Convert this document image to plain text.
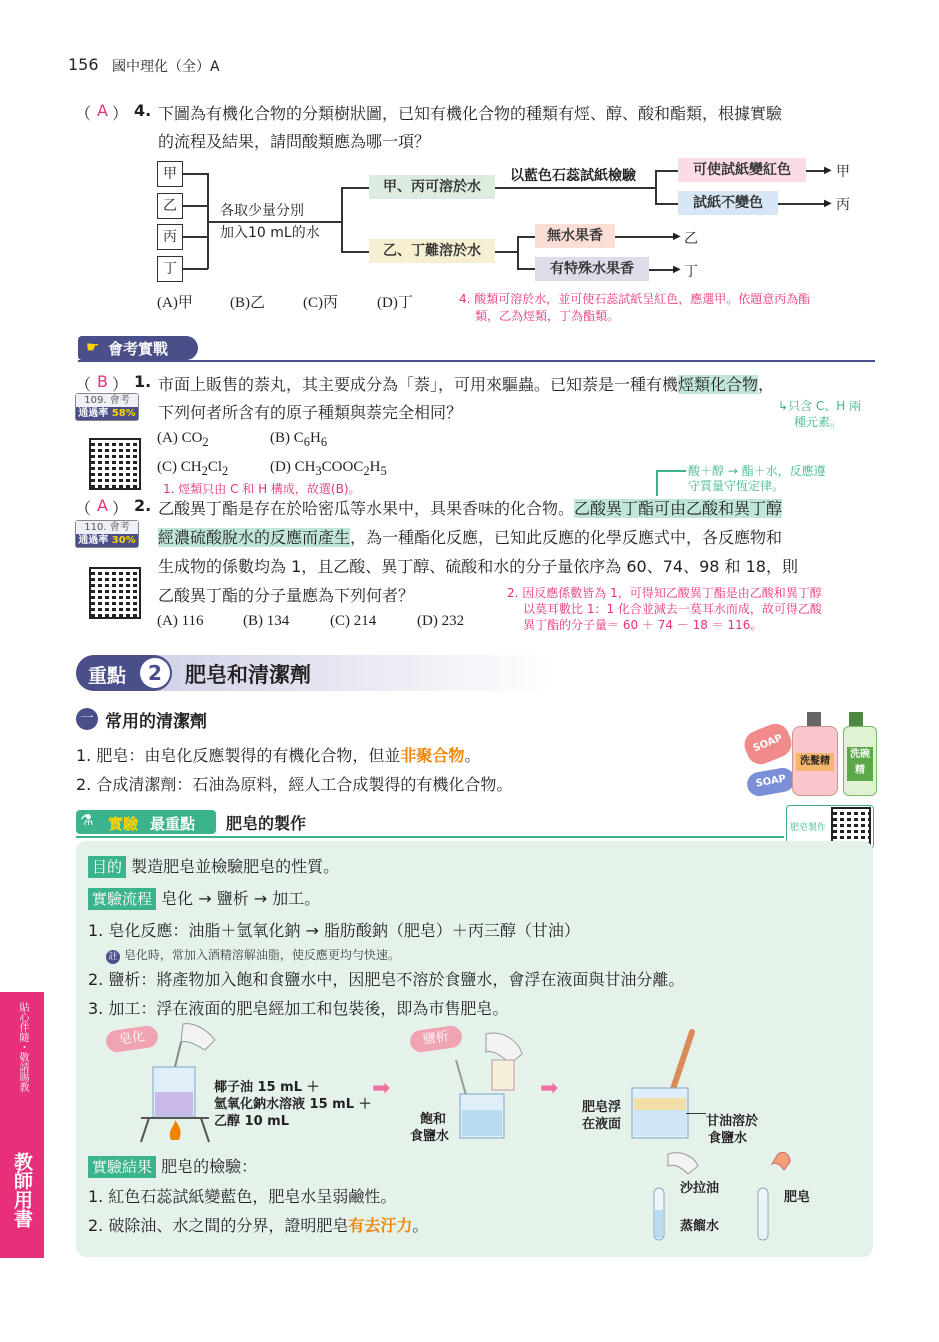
156 國中理化（全）A
（ A ） 4. 下圖為有機化合物的分類樹狀圖，已知有機化合物的種類有烴、醇、酸和酯類，根據實驗
的流程及結果，請問酸類應為哪一項？
甲
乙
丙
丁
各取少量分別
加入10 mL的水
甲、丙可溶於水
乙、丁難溶於水
以藍色石蕊試紙檢驗	可使試紙變紅色
試紙不變色
▶ 甲
▶ 丙
無水果香
有特殊水果香
▶ 乙
▶ 丁
(A)甲 (B)乙	(C)丙	(D)丁	4. 酸類可溶於水，並可使石蕊試紙呈紅色，應選甲。依題意丙為酯
類，乙為烴類，丁為酯類。
☛ 會考實戰
（ B ） 1. 市面上販售的萘丸，其主要成分為「萘」，可用來驅蟲。已知萘是一種有機烴類化合物，
下列何者所含有的原子種類與萘完全相同？	↳只含 C、H 兩
種元素。
109. 會考
通過率 58%
(A) $CO_2$	(B) $C_6H_6$
(C) $CH_2Cl_2$	(D) $CH_3COOC_2H_5$
1. 烴類只由 C 和 H 構成，故選(B)。
酸＋醇 → 酯＋水，反應遵
守質量守恆定律。
（ A ） 2. 乙酸異丁酯是存在於哈密瓜等水果中，具果香味的化合物。乙酸異丁酯可由乙酸和異丁醇
經濃硫酸脫水的反應而產生，為一種酯化反應，已知此反應的化學反應式中，各反應物和
生成物的係數均為 1，且乙酸、異丁醇、硫酸和水的分子量依序為 60、74、98 和 18，則
乙酸異丁酯的分子量應為下列何者？
110. 會考
通過率 30%
(A) 116	(B) 134	(C) 214	(D) 232
2. 因反應係數皆為 1，可得知乙酸異丁酯是由乙酸和異丁醇
以莫耳數比 1：1 化合並減去一莫耳水而成，故可得乙酸
異丁酯的分子量＝ 60 ＋ 74 － 18 ＝ 116。
重點	2	肥皂和清潔劑
一 常用的清潔劑
1. 肥皂：由皂化反應製得的有機化合物，但並非聚合物。
2. 合成清潔劑：石油為原料，經人工合成製得的有機化合物。
SOAP
SOAP
洗髮精
洗碗精
肥皂製作
⚗ 實驗 最重點 肥皂的製作
目的 製造肥皂並檢驗肥皂的性質。
實驗流程 皂化 → 鹽析 → 加工。
1. 皂化反應：油脂＋氫氧化鈉 → 脂肪酸鈉（肥皂）＋丙三醇（甘油）
註 皂化時，常加入酒精溶解油脂，使反應更均勻快速。
2. 鹽析：將產物加入飽和食鹽水中，因肥皂不溶於食鹽水，會浮在液面與甘油分離。
3. 加工：浮在液面的肥皂經加工和包裝後，即為市售肥皂。
皂化	鹽析
椰子油 15 mL ＋
氫氧化鈉水溶液 15 mL ＋
乙醇 10 mL
➡
飽和
食鹽水
➡
肥皂浮
在液面	甘油溶於
食鹽水
實驗結果 肥皂的檢驗：
1. 紅色石蕊試紙變藍色，肥皂水呈弱鹼性。
2. 破除油、水之間的分界，證明肥皂有去汙力。
沙拉油
肥皂
蒸餾水
貼心伴隨・敬請賜教
教師用書
